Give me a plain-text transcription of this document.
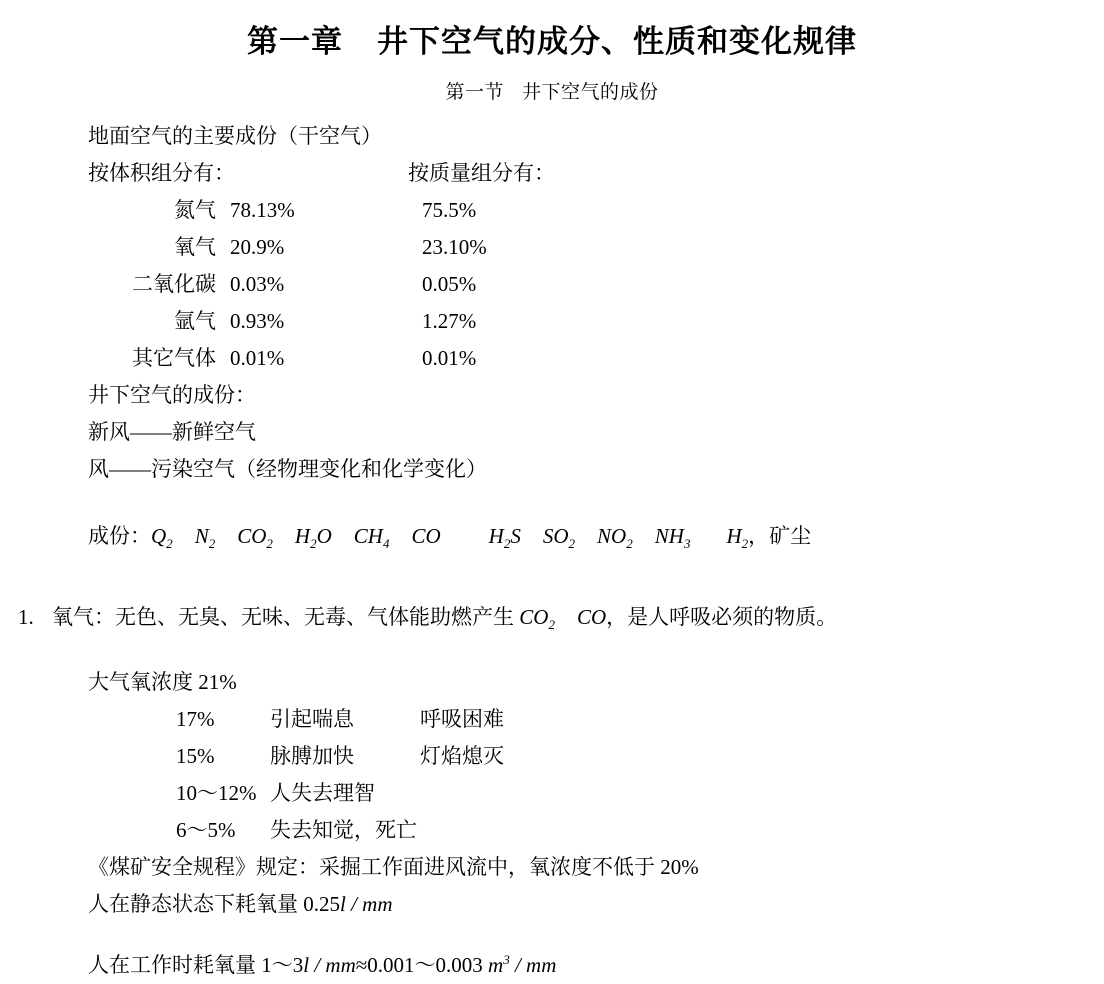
第一章 井下空气的成分、性质和变化规律
第一节 井下空气的成份
地面空气的主要成份（干空气）
按体积组分有：	按质量组分有：
氮气 78.13%	75.5%
氧气 20.9%	23.10%
二氧化碳 0.03%	0.05%
氩气 0.93%	1.27%
其它气体 0.01%	0.01%
井下空气的成份：
新风——新鲜空气
风——污染空气（经物理变化和化学变化）
成份： $Q_2$ $N_2$ $CO_2$ $H_2O$ $CH_4$ CO $H_2S$ $SO_2$ $NO_2$ $NH_3$ $H_2$ ，矿尘
1. 氧气：无色、无臭、无味、无毒、气体能助燃产生 $CO_2$ CO，是人呼吸必须的物质。
大气氧浓度 21%
17%	引起喘息	呼吸困难
15%	脉膊加快	灯焰熄灭
10～12% 人失去理智
6～5%	失去知觉，死亡
《煤矿安全规程》规定：采掘工作面进风流中，氧浓度不低于 20%
人在静态状态下耗氧量 0.25l / mm
人在工作时耗氧量 1～3l / mm≈0.001～0.003 $m^3$ / mm
